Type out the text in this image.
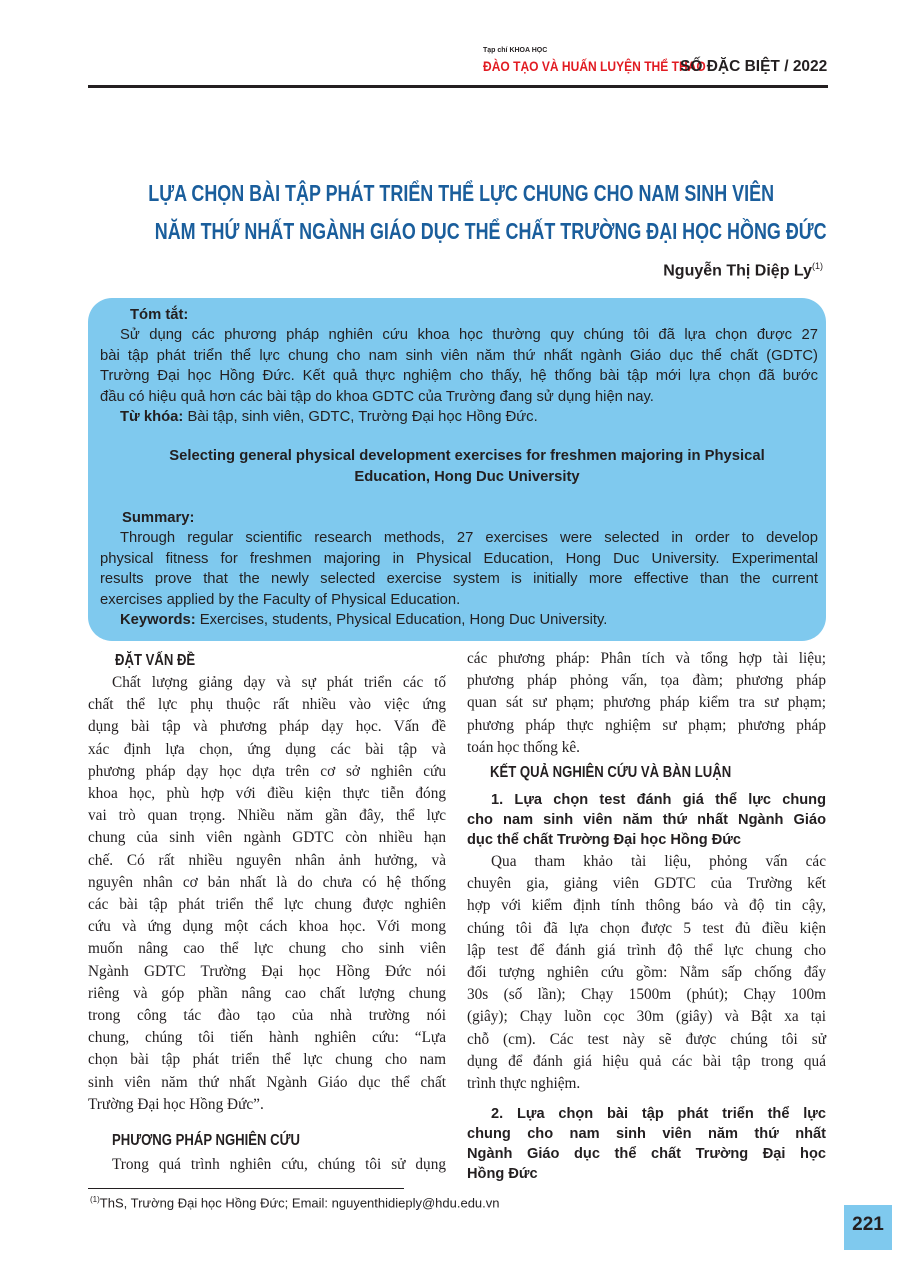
Tạp chí KHOA HỌC
ĐÀO TẠO VÀ HUẤN LUYỆN THỂ THAO
SỐ ĐẶC BIỆT / 2022
LỰA CHỌN BÀI TẬP PHÁT TRIỂN THỂ LỰC CHUNG CHO NAM SINH VIÊN
NĂM THỨ NHẤT NGÀNH GIÁO DỤC THỂ CHẤT TRƯỜNG ĐẠI HỌC HỒNG ĐỨC
Nguyễn Thị Diệp Ly$^{(1)}$
Tóm tắt:
Sử dụng các phương pháp nghiên cứu khoa học thường quy chúng tôi đã lựa chọn được 27
bài tập phát triển thể lực chung cho nam sinh viên năm thứ nhất ngành Giáo dục thể chất (GDTC)
Trường Đại học Hồng Đức. Kết quả thực nghiệm cho thấy, hệ thống bài tập mới lựa chọn đã bước
đầu có hiệu quả hơn các bài tập do khoa GDTC của Trường đang sử dụng hiện nay.
Từ khóa: Bài tập, sinh viên, GDTC, Trường Đại học Hồng Đức.
Selecting general physical development exercises for freshmen majoring in Physical
Education, Hong Duc University
Summary:
Through regular scientific research methods, 27 exercises were selected in order to develop
physical fitness for freshmen majoring in Physical Education, Hong Duc University. Experimental
results prove that the newly selected exercise system is initially more effective than the current
exercises applied by the Faculty of Physical Education.
Keywords: Exercises, students, Physical Education, Hong Duc University.
ĐẶT VẤN ĐỀ
Chất lượng giảng dạy và sự phát triển các tố
chất thể lực phụ thuộc rất nhiều vào việc ứng
dụng bài tập và phương pháp dạy học. Vấn đề
xác định lựa chọn, ứng dụng các bài tập và
phương pháp dạy học dựa trên cơ sở nghiên cứu
khoa học, phù hợp với điều kiện thực tiễn đóng
vai trò quan trọng. Nhiều năm gần đây, thể lực
chung của sinh viên ngành GDTC còn nhiều hạn
chế. Có rất nhiều nguyên nhân ảnh hưởng, và
nguyên nhân cơ bản nhất là do chưa có hệ thống
các bài tập phát triển thể lực chung được nghiên
cứu và ứng dụng một cách khoa học. Với mong
muốn nâng cao thể lực chung cho sinh viên
Ngành GDTC Trường Đại học Hồng Đức nói
riêng và góp phần nâng cao chất lượng chung
trong công tác đào tạo của nhà trường nói
chung, chúng tôi tiến hành nghiên cứu: “Lựa
chọn bài tập phát triển thể lực chung cho nam
sinh viên năm thứ nhất Ngành Giáo dục thể chất
Trường Đại học Hồng Đức”.
PHƯƠNG PHÁP NGHIÊN CỨU
Trong quá trình nghiên cứu, chúng tôi sử dụng
các phương pháp: Phân tích và tổng hợp tài liệu;
phương pháp phỏng vấn, tọa đàm; phương pháp
quan sát sư phạm; phương pháp kiểm tra sư phạm;
phương pháp thực nghiệm sư phạm; phương pháp
toán học thống kê.
KẾT QUẢ NGHIÊN CỨU VÀ BÀN LUẬN
1. Lựa chọn test đánh giá thể lực chung
cho nam sinh viên năm thứ nhất Ngành Giáo
dục thể chất Trường Đại học Hồng Đức
Qua tham khảo tài liệu, phỏng vấn các
chuyên gia, giảng viên GDTC của Trường kết
hợp với kiểm định tính thông báo và độ tin cậy,
chúng tôi đã lựa chọn được 5 test đủ điều kiện
lập test để đánh giá trình độ thể lực chung cho
đối tượng nghiên cứu gồm: Nằm sấp chống đẩy
30s (số lần); Chạy 1500m (phút); Chạy 100m
(giây); Chạy luồn cọc 30m (giây) và Bật xa tại
chỗ (cm). Các test này sẽ được chúng tôi sử
dụng để đánh giá hiệu quả các bài tập trong quá
trình thực nghiệm.
2. Lựa chọn bài tập phát triển thể lực
chung cho nam sinh viên năm thứ nhất
Ngành Giáo dục thể chất Trường Đại học
Hồng Đức
$^{(1)}$ThS, Trường Đại học Hồng Đức; Email: nguyenthidieply@hdu.edu.vn
221
